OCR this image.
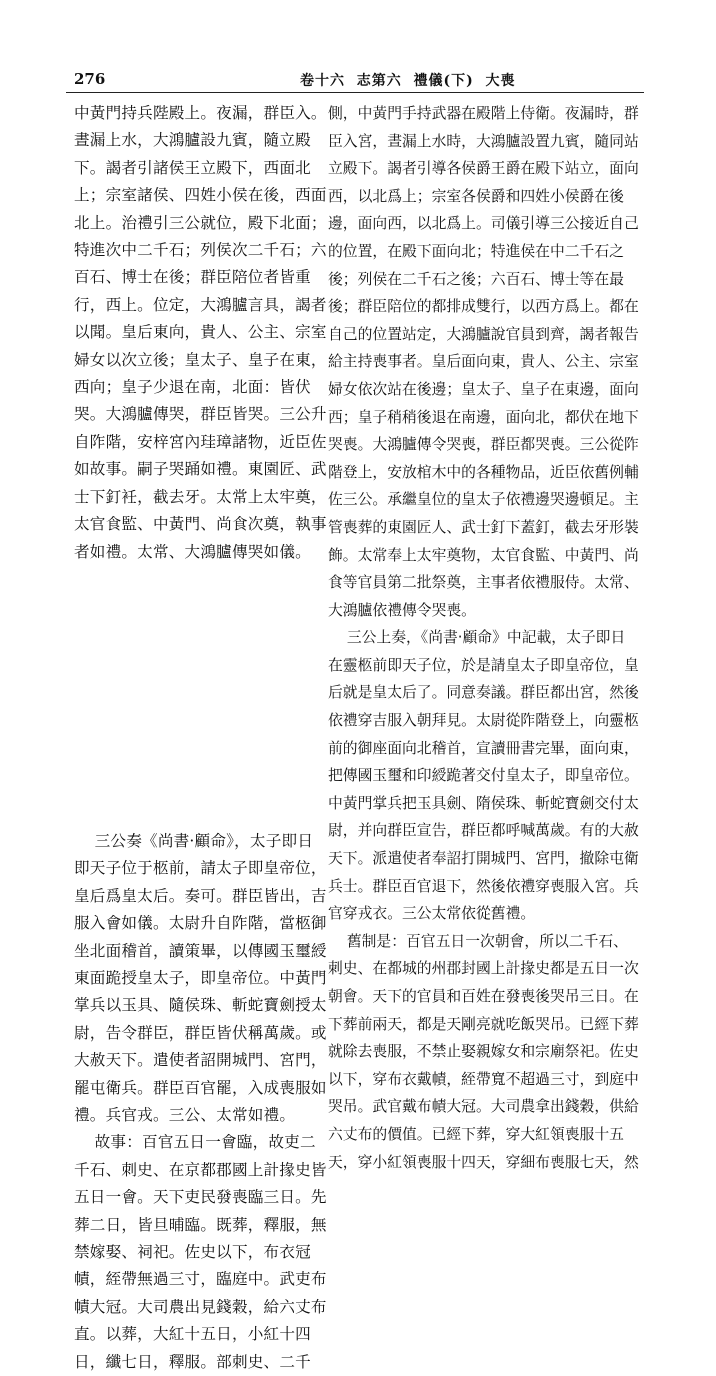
276	卷十六  志第六  禮儀(下)  大喪

中黃門持兵陛殿上。夜漏，群臣入。
晝漏上水，大鴻臚設九賓，隨立殿
下。謁者引諸侯王立殿下，西面北
上；宗室諸侯、四姓小侯在後，西面
北上。治禮引三公就位，殿下北面；
特進次中二千石；列侯次二千石；六
百石、博士在後；群臣陪位者皆重
行，西上。位定，大鴻臚言具，謁者
以聞。皇后東向，貴人、公主、宗室
婦女以次立後；皇太子、皇子在東，
西向；皇子少退在南，北面：皆伏
哭。大鴻臚傳哭，群臣皆哭。三公升
自阼階，安梓宮內珪璋諸物，近臣佐
如故事。嗣子哭踊如禮。東園匠、武
士下釘衽，截去牙。太常上太牢奠，
太官食監、中黃門、尚食次奠，執事
者如禮。太常、大鴻臚傳哭如儀。

三公奏《尚書·顧命》，太子即日
即天子位于柩前，請太子即皇帝位，
皇后爲皇太后。奏可。群臣皆出，吉
服入會如儀。太尉升自阼階，當柩御
坐北面稽首，讀策畢，以傳國玉璽綬
東面跪授皇太子，即皇帝位。中黃門
掌兵以玉具、隨侯珠、斬蛇寶劍授太
尉，告令群臣，群臣皆伏稱萬歲。或
大赦天下。遣使者詔開城門、宮門，
罷屯衛兵。群臣百官罷，入成喪服如
禮。兵官戎。三公、太常如禮。

故事：百官五日一會臨，故吏二
千石、刺史、在京都郡國上計掾史皆
五日一會。天下吏民發喪臨三日。先
葬二日，皆旦晡臨。既葬，釋服，無
禁嫁娶、祠祀。佐史以下，布衣冠
幘，絰帶無過三寸，臨庭中。武吏布
幘大冠。大司農出見錢穀，給六丈布
直。以葬，大紅十五日，小紅十四
日，纖七日，釋服。部刺史、二千

側，中黃門手持武器在殿階上侍衛。夜漏時，群
臣入宮，晝漏上水時，大鴻臚設置九賓，隨同站
立殿下。謁者引導各侯爵王爵在殿下站立，面向
西，以北爲上；宗室各侯爵和四姓小侯爵在後
邊，面向西，以北爲上。司儀引導三公接近自己
的位置，在殿下面向北；特進侯在中二千石之
後；列侯在二千石之後；六百石、博士等在最
後；群臣陪位的都排成雙行，以西方爲上。都在
自己的位置站定，大鴻臚說官員到齊，謁者報告
給主持喪事者。皇后面向東，貴人、公主、宗室
婦女依次站在後邊；皇太子、皇子在東邊，面向
西；皇子稍稍後退在南邊，面向北，都伏在地下
哭喪。大鴻臚傳令哭喪，群臣都哭喪。三公從阼
階登上，安放棺木中的各種物品，近臣依舊例輔
佐三公。承繼皇位的皇太子依禮邊哭邊頓足。主
管喪葬的東園匠人、武士釘下蓋釘，截去牙形裝
飾。太常奉上太牢奠物，太官食監、中黃門、尚
食等官員第二批祭奠，主事者依禮服侍。太常、
大鴻臚依禮傳令哭喪。

三公上奏，《尚書·顧命》中記載，太子即日
在靈柩前即天子位，於是請皇太子即皇帝位，皇
后就是皇太后了。同意奏議。群臣都出宮，然後
依禮穿吉服入朝拜見。太尉從阼階登上，向靈柩
前的御座面向北稽首，宣讀冊書完畢，面向東，
把傳國玉璽和印綬跪著交付皇太子，即皇帝位。
中黃門掌兵把玉具劍、隋侯珠、斬蛇寶劍交付太
尉，并向群臣宣告，群臣都呼喊萬歲。有的大赦
天下。派遣使者奉詔打開城門、宮門，撤除屯衛
兵士。群臣百官退下，然後依禮穿喪服入宮。兵
官穿戎衣。三公太常依從舊禮。

舊制是：百官五日一次朝會，所以二千石、
刺史、在都城的州郡封國上計掾史都是五日一次
朝會。天下的官員和百姓在發喪後哭吊三日。在
下葬前兩天，都是天剛亮就吃飯哭吊。已經下葬
就除去喪服，不禁止娶親嫁女和宗廟祭祀。佐史
以下，穿布衣戴幘，絰帶寬不超過三寸，到庭中
哭吊。武官戴布幘大冠。大司農拿出錢穀，供給
六丈布的價值。已經下葬，穿大紅領喪服十五
天，穿小紅領喪服十四天，穿細布喪服七天，然
